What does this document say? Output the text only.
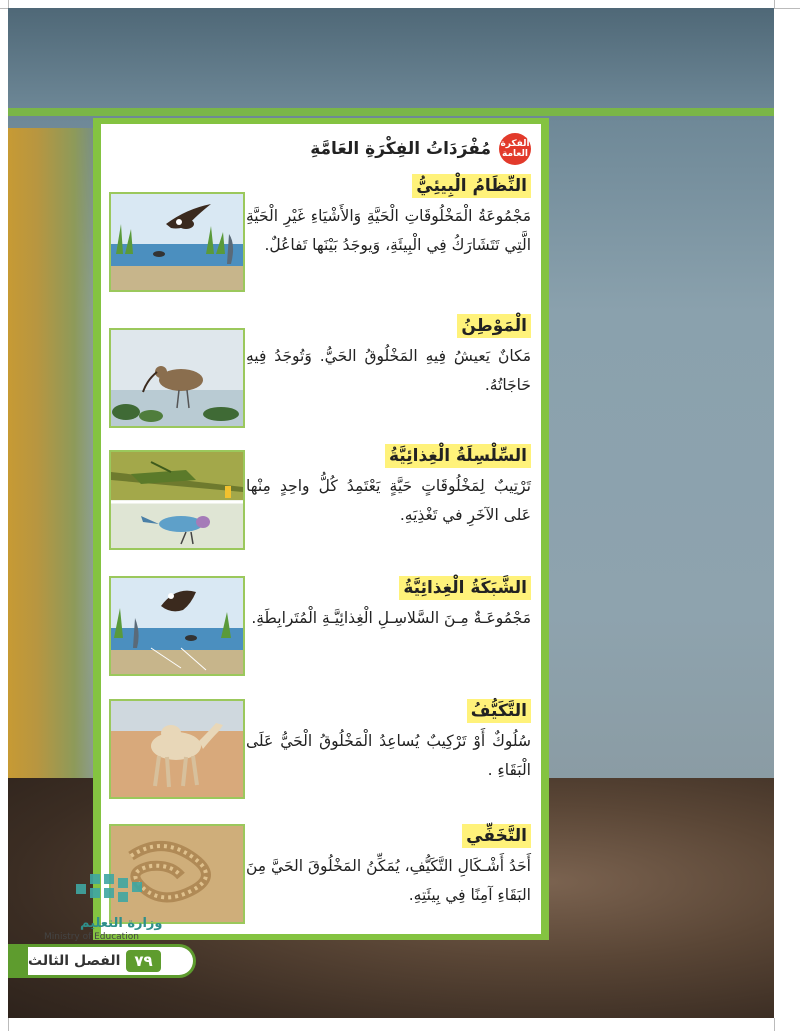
الفكرة العامة
مُفْرَدَاتُ الفِكْرَةِ العَامَّةِ
النِّظَامُ الْبِيئِيُّ
مَجْمُوعَةُ الْمَخْلُوقَاتِ الْحَيَّةِ وَالأَشْيَاءِ غَيْرِ الْحَيَّةِ الَّتِي تَتَشَارَكُ فِي الْبِيئَةِ، وَيوجَدُ بَيْنَها تَفاعُلٌ.
الْمَوْطِنُ
مَكانٌ يَعيشُ فِيهِ المَخْلُوقُ الحَيُّ. وَتُوجَدُ فِيهِ حَاجَاتُهُ.
السِّلْسِلَةُ الْغِذائِيَّةُ
تَرْتِيبٌ لِمَخْلُوقَاتٍ حَيَّةٍ يَعْتَمِدُ كُلُّ واحِدٍ مِنْها عَلى الآخَرِ في تَغْذِيَهِ.
الشَّبَكَةُ الْغِذائِيَّةُ
مَجْمُوعَـةٌ مِـنَ السَّلاسِـلِ الْغِذائِيَّـةِ الْمُتَرابِطَةِ.
التَّكَيُّفُ
سُلُوكٌ أَوْ تَرْكِيبٌ يُساعِدُ الْمَخْلُوقُ الْحَيُّ عَلَى الْبَقَاءِ .
التَّخَفِّي
أَحَدُ أَشْـكَالِ التَّكَيُّفِ، يُمَكِّنُ المَخْلُوقَ الحَيَّ مِنَ البَقَاءِ آمِنًا فِي بِيئَتِهِ.
وزارة التعليم
Ministry of Education
٧٩
الفصل الثالث
